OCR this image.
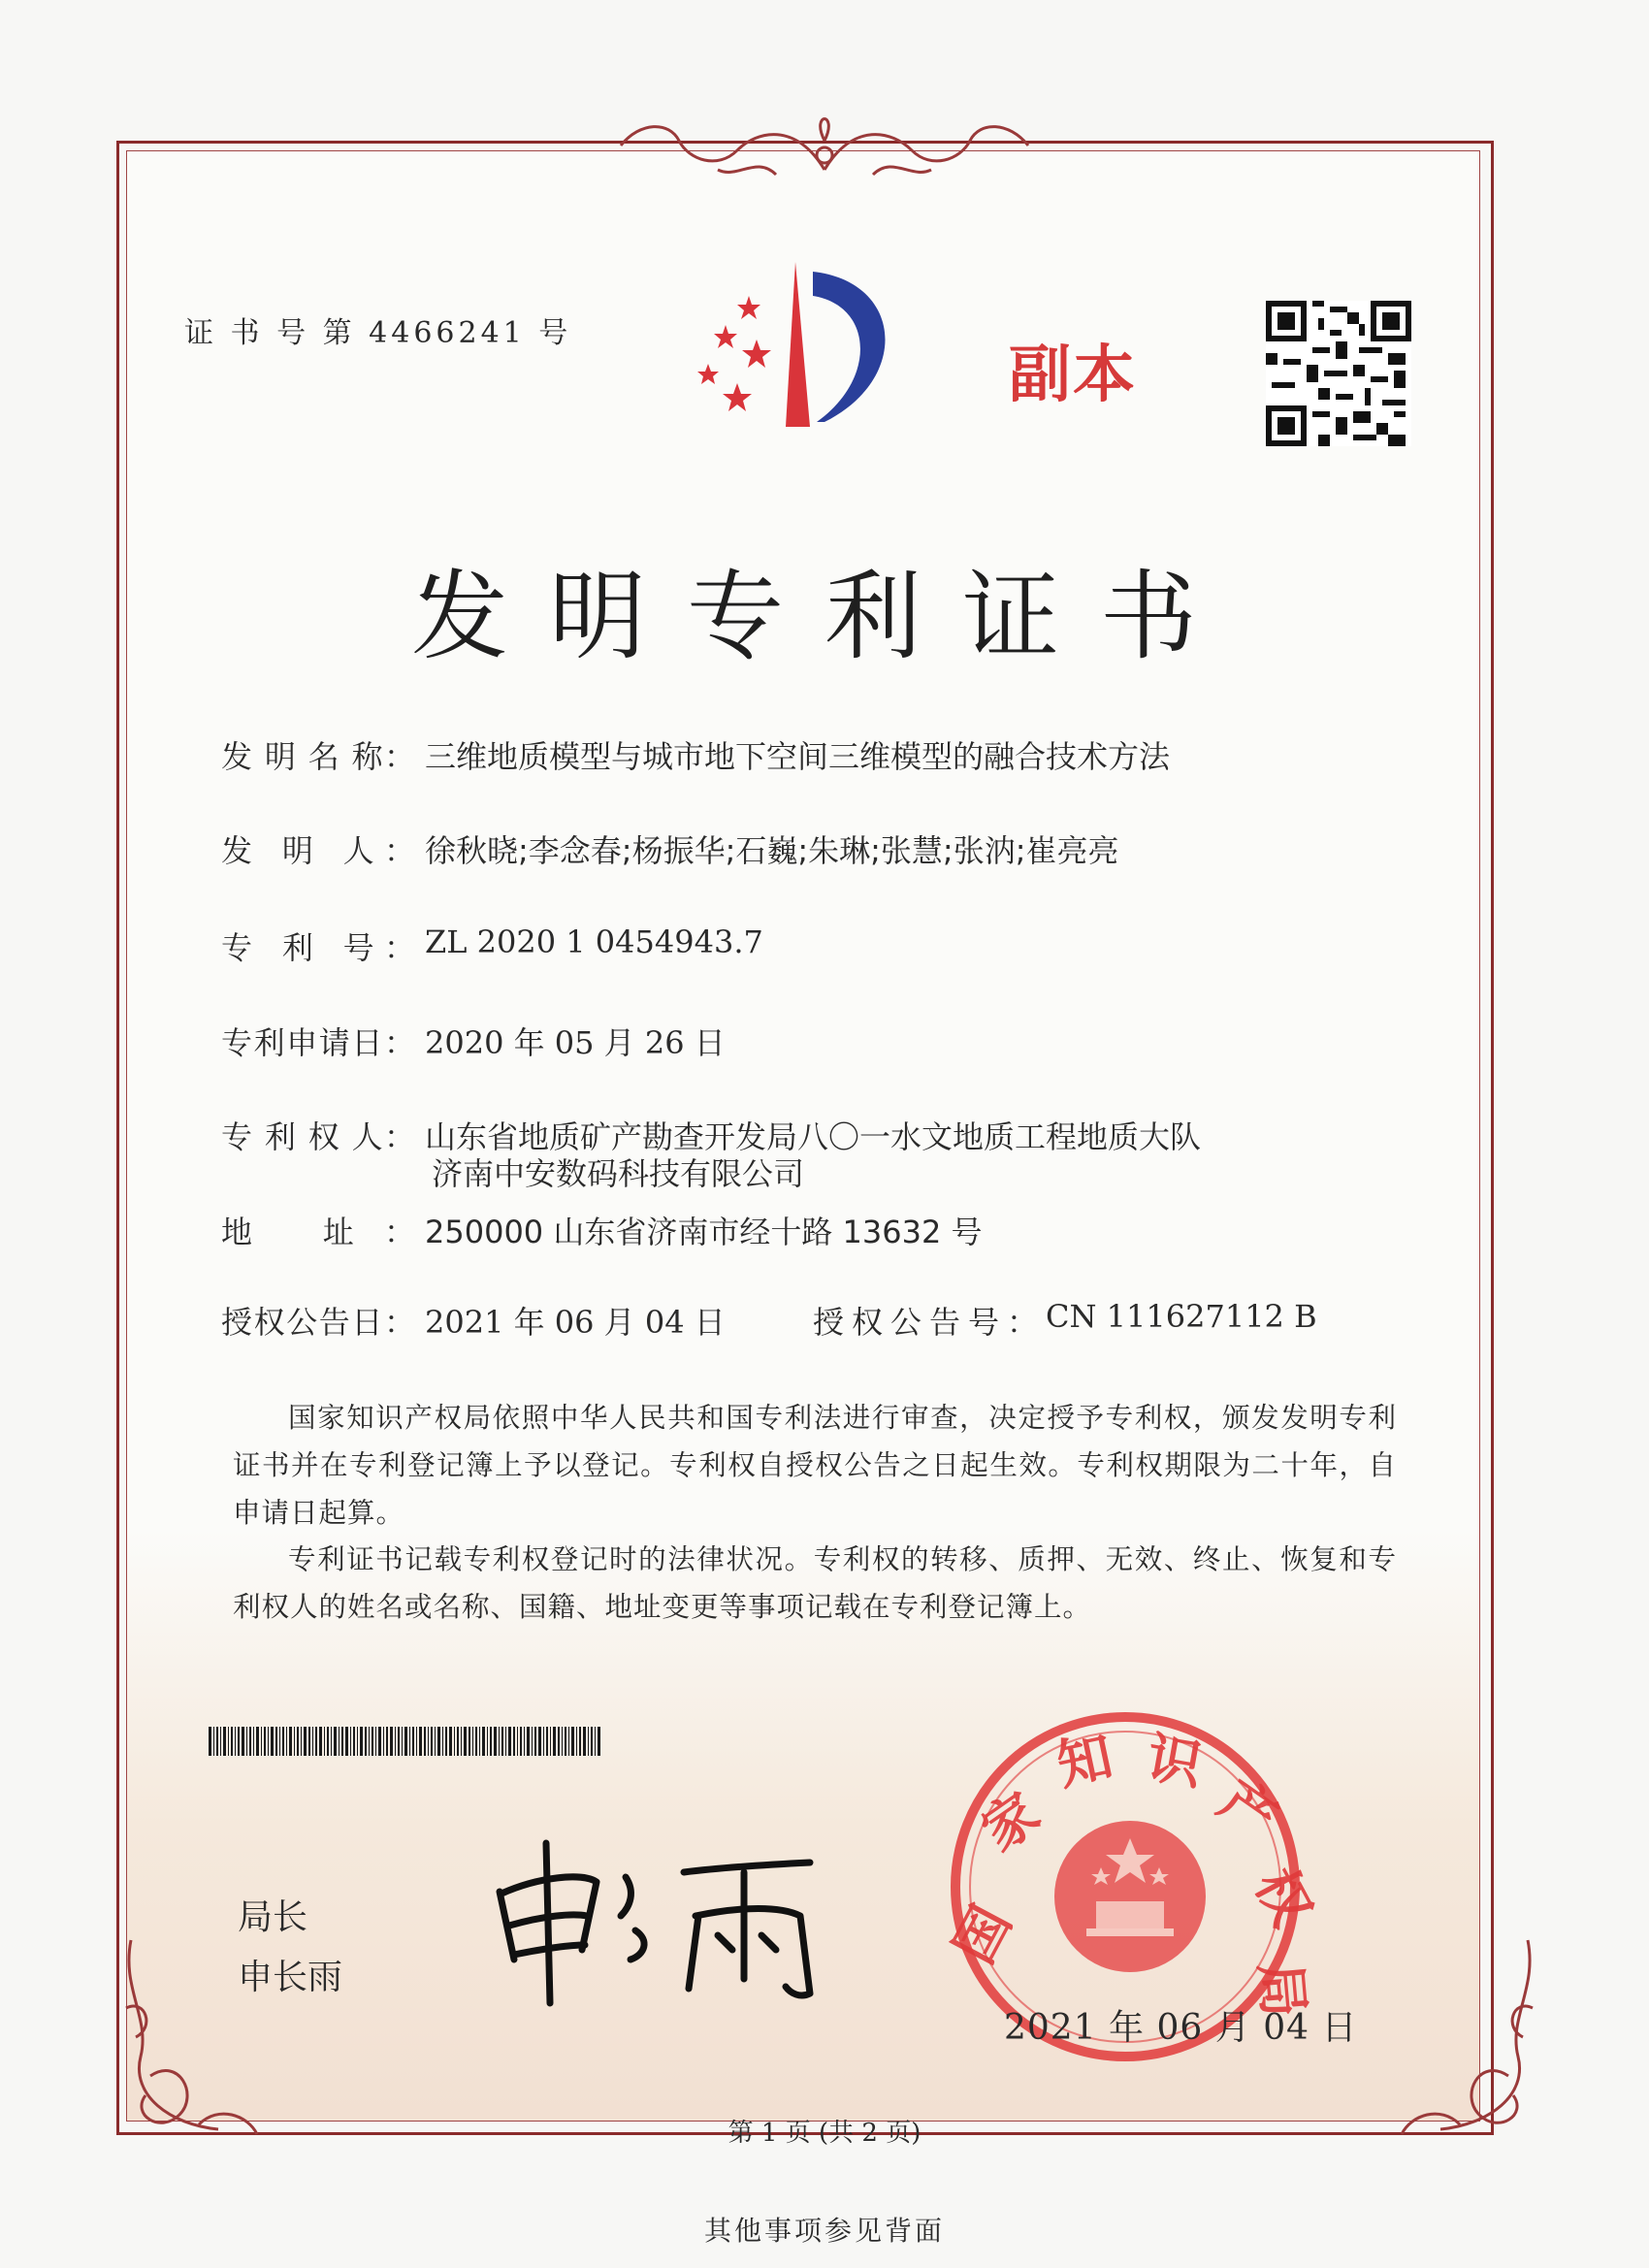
证 书 号 第 4466241 号

副本

发明专利证书
发 明 名 称： 三维地质模型与城市地下空间三维模型的融合技术方法
发 明 人： 徐秋晓;李念春;杨振华;石巍;朱琳;张慧;张汭;崔亮亮
专 利 号： ZL 2020 1 0454943.7
专利申请日： 2020 年 05 月 26 日
专 利 权 人： 山东省地质矿产勘查开发局八〇一水文地质工程地质大队
济南中安数码科技有限公司
地 址： 250000 山东省济南市经十路 13632 号
授权公告日： 2021 年 06 月 04 日	授权公告号： CN 111627112 B

国家知识产权局依照中华人民共和国专利法进行审查，决定授予专利权，颁发发明专利证书并在专利登记簿上予以登记。专利权自授权公告之日起生效。专利权期限为二十年，自申请日起算。

专利证书记载专利权登记时的法律状况。专利权的转移、质押、无效、终止、恢复和专利权人的姓名或名称、国籍、地址变更等事项记载在专利登记簿上。

局长

申长雨

国
家
知 识
产
权
局

2021 年 06 月 04 日

第 1 页 (共 2 页)

其他事项参见背面
